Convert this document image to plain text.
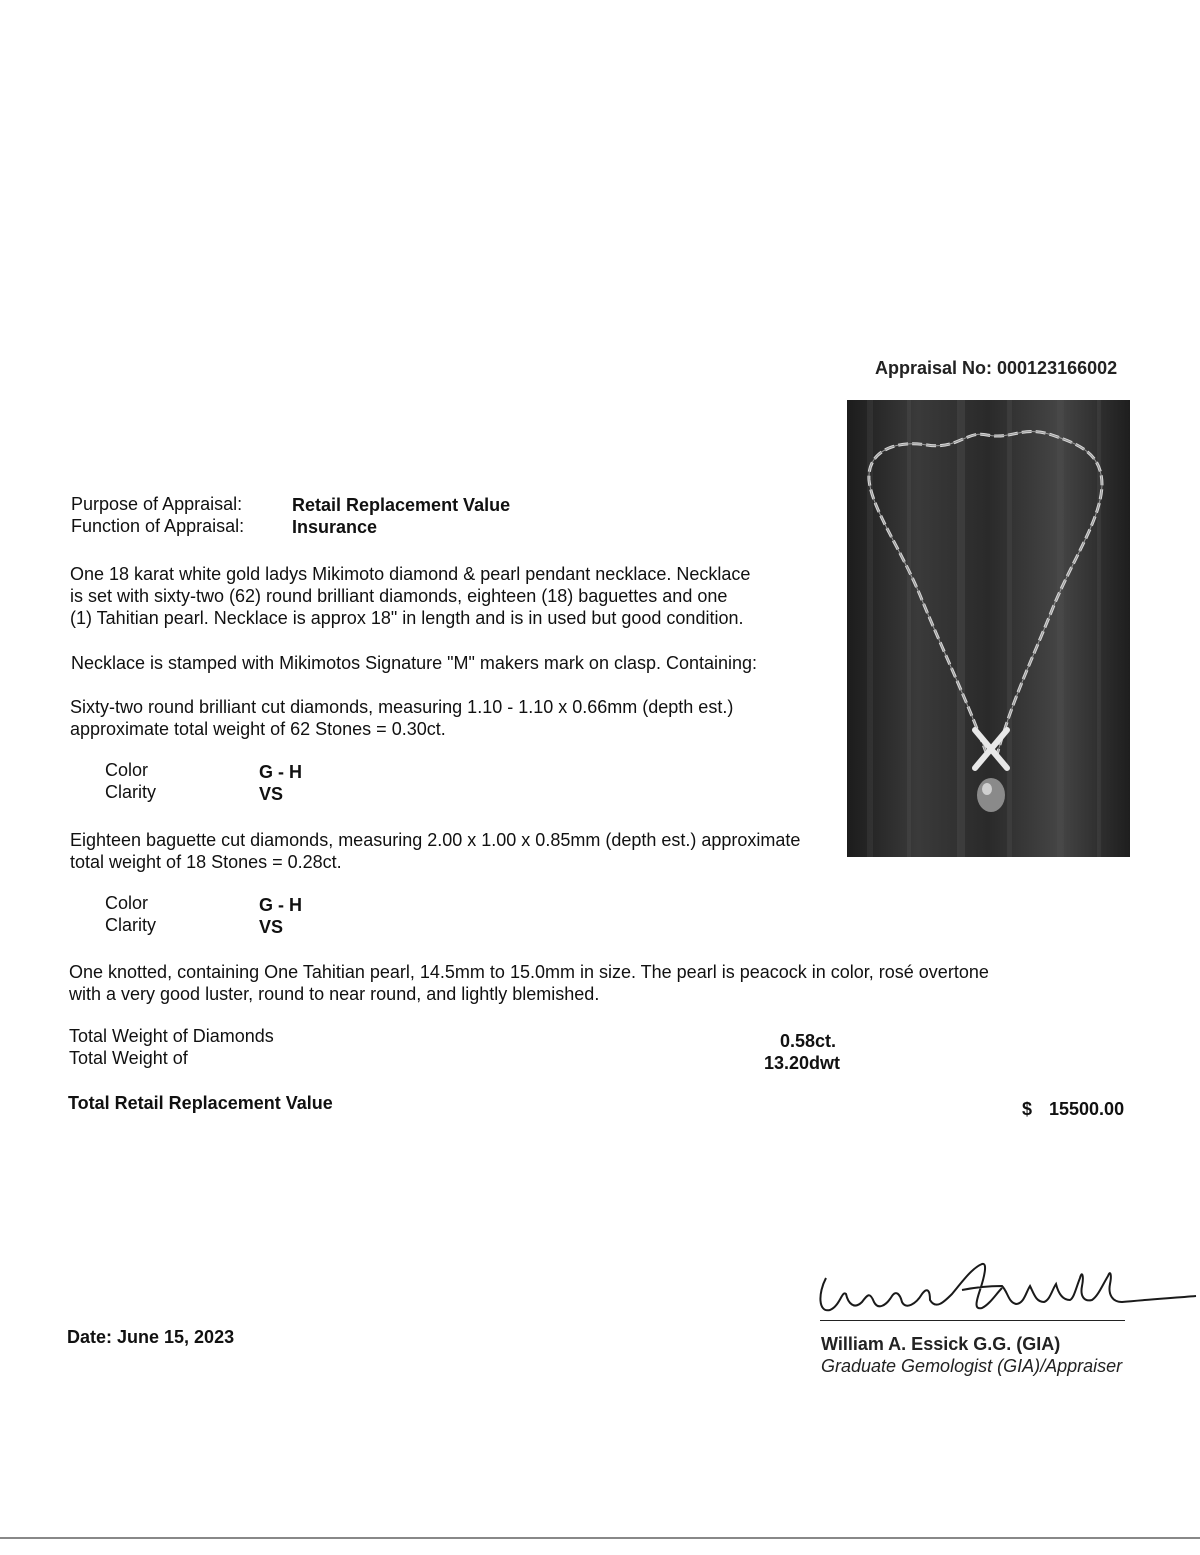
Appraisal No: 000123166002
Purpose of Appraisal:	Retail Replacement Value
Function of Appraisal:	Insurance
One 18 karat white gold ladys Mikimoto diamond & pearl pendant necklace. Necklace
is set with sixty-two (62) round brilliant diamonds, eighteen (18) baguettes and one
(1) Tahitian pearl. Necklace is approx 18" in length and is in used but good condition.
Necklace is stamped with Mikimotos Signature "M" makers mark on clasp. Containing:
Sixty-two round brilliant cut diamonds, measuring 1.10 - 1.10 x 0.66mm (depth est.)
approximate total weight of 62 Stones = 0.30ct.
Color	G - H
Clarity	VS
Eighteen baguette cut diamonds, measuring 2.00 x 1.00 x 0.85mm (depth est.) approximate
total weight of 18 Stones = 0.28ct.
Color	G - H
Clarity	VS
One knotted, containing One Tahitian pearl, 14.5mm to 15.0mm in size. The pearl is peacock in color, rosé overtone
with a very good luster, round to near round, and lightly blemished.
Total Weight of Diamonds	0.58ct.
Total Weight of	13.20dwt
Total Retail Replacement Value	$ 15500.00
William A. Essick G.G. (GIA)
Graduate Gemologist (GIA)/Appraiser
Date: June 15, 2023
